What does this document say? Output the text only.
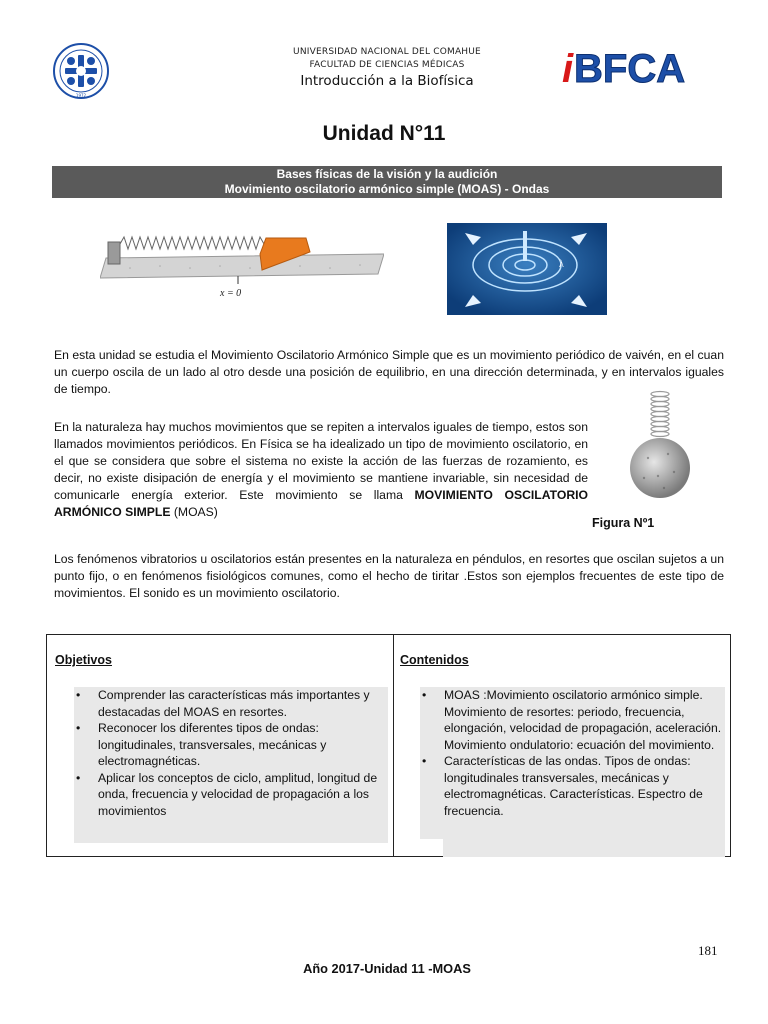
1972
UNIVERSIDAD NACIONAL DEL COMAHUE
FACULTAD DE CIENCIAS MÉDICAS
Introducción a la Biofísica	i BFCA
Unidad N°11
Bases físicas de la visión y la audición
Movimiento oscilatorio armónico simple (MOAS) - Ondas
x = 0
λ

En esta unidad se estudia el Movimiento Oscilatorio Armónico Simple que es un movimiento periódico de vaivén, en el cuan un cuerpo oscila de un lado al otro desde una posición de equilibrio, en una dirección determinada, y en intervalos iguales de tiempo.

En la naturaleza hay muchos movimientos que se repiten a intervalos iguales de tiempo, estos son llamados movimientos periódicos. En Física se ha idealizado un tipo de movimiento oscilatorio, en el que se considera que sobre el sistema no existe la acción de las fuerzas de rozamiento, es decir, no existe disipación de energía y el movimiento se mantiene invariable, sin necesidad de comunicarle energía exterior. Este movimiento se llama MOVIMIENTO OSCILATORIO ARMÓNICO SIMPLE (MOAS)

Figura Nº1

Los fenómenos vibratorios u oscilatorios están presentes en la naturaleza en péndulos, en resortes que oscilan sujetos a un punto fijo, o en fenómenos fisiológicos comunes, como el hecho de tiritar .Estos son ejemplos frecuentes de este tipo de movimientos. El sonido es un movimiento oscilatorio.

Objetivos
• Comprender las características más importantes y destacadas del MOAS en resortes.
• Reconocer los diferentes tipos de ondas: longitudinales, transversales, mecánicas y electromagnéticas.
• Aplicar los conceptos de ciclo, amplitud, longitud de onda, frecuencia y velocidad de propagación a los movimientos
Contenidos
• MOAS :Movimiento oscilatorio armónico simple. Movimiento de resortes: periodo, frecuencia, elongación, velocidad de propagación, aceleración. Movimiento ondulatorio: ecuación del movimiento.
• Características de las ondas. Tipos de ondas: longitudinales transversales, mecánicas y electromagnéticas. Características. Espectro de frecuencia.
181
Año 2017-Unidad 11 -MOAS
